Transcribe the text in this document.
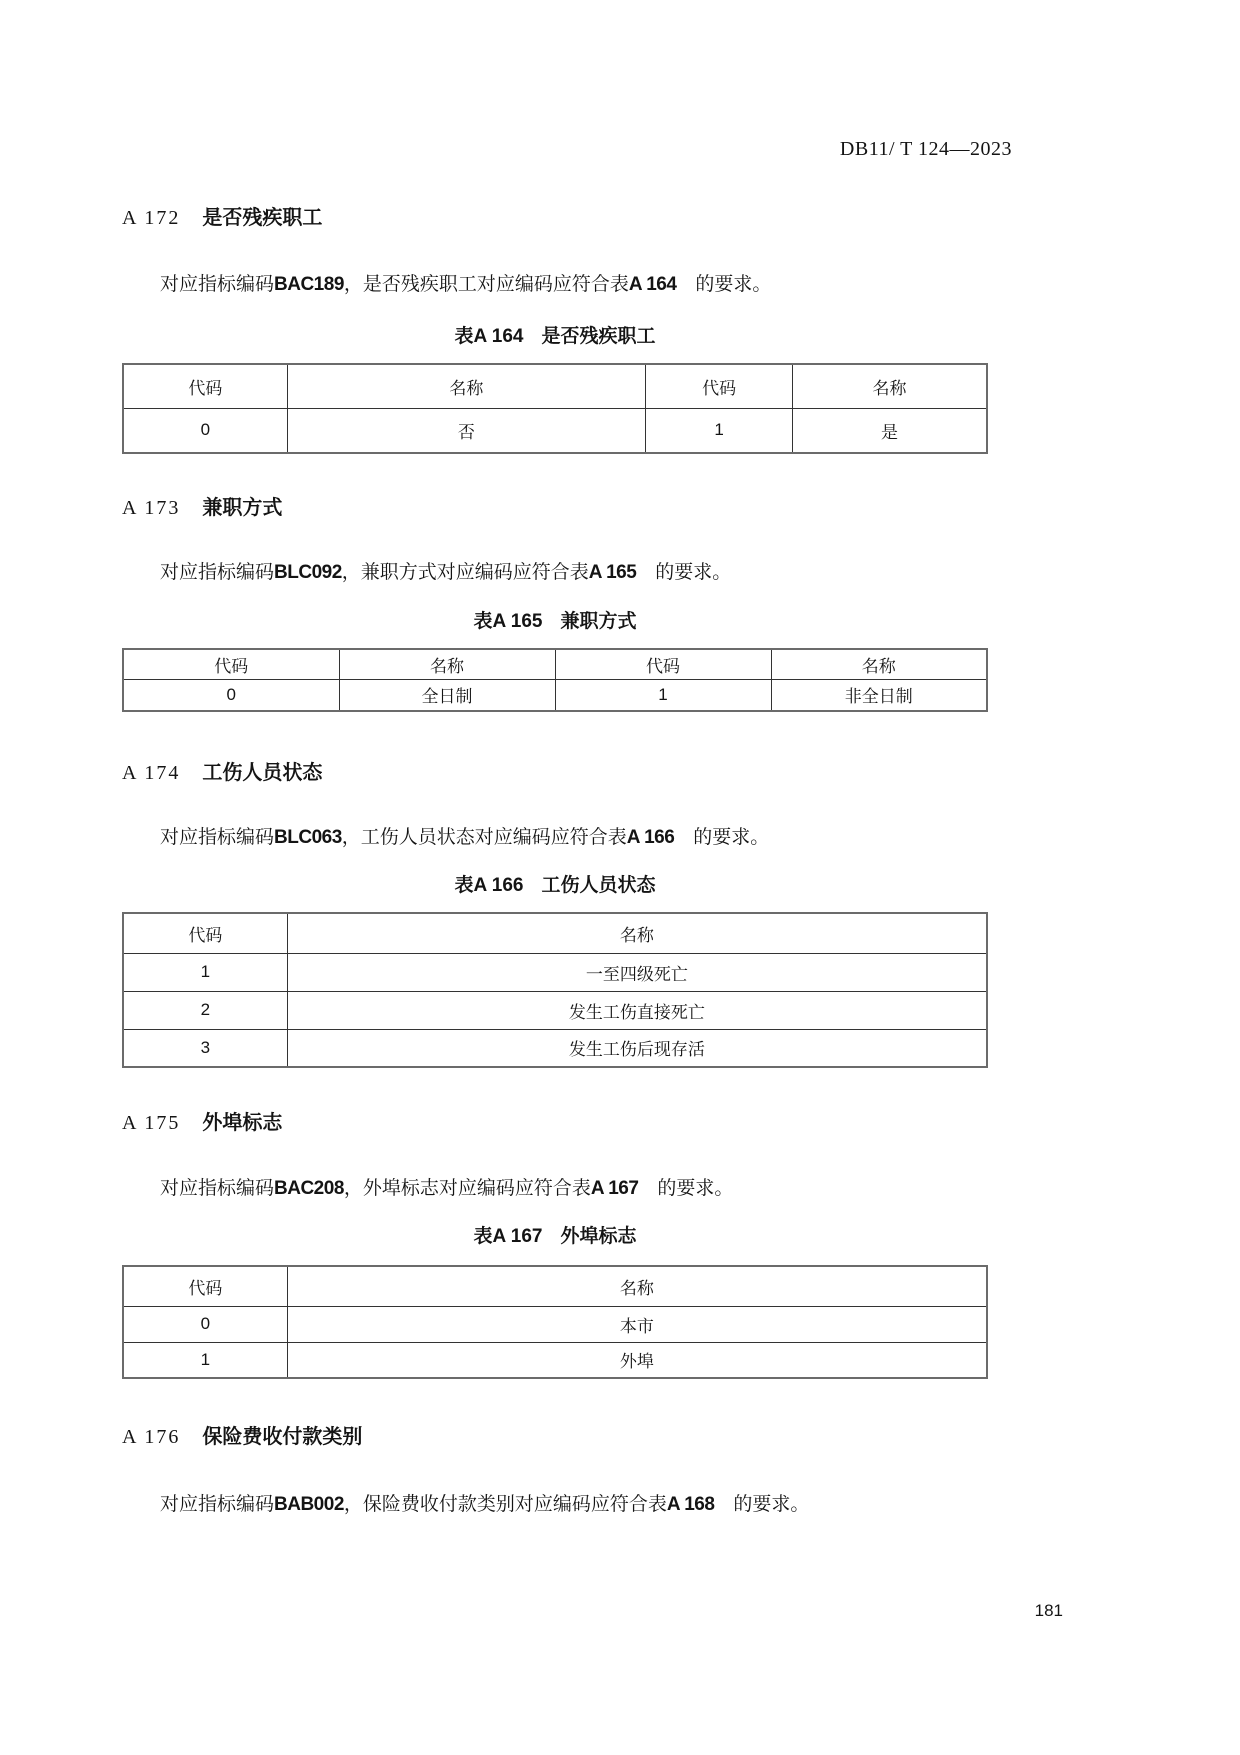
DB11/ T 124—2023
A 172 是否残疾职工
对应指标编码BAC189，是否残疾职工对应编码应符合表A 164　的要求。
表A 164 是否残疾职工
代码	名称	代码	名称
0	否	1	是
A 173 兼职方式
对应指标编码BLC092，兼职方式对应编码应符合表A 165　的要求。
表A 165 兼职方式
代码	名称	代码	名称
0	全日制	1	非全日制
A 174 工伤人员状态
对应指标编码BLC063，工伤人员状态对应编码应符合表A 166　的要求。
表A 166 工伤人员状态
代码	名称
1	一至四级死亡
2	发生工伤直接死亡
3	发生工伤后现存活
A 175 外埠标志
对应指标编码BAC208，外埠标志对应编码应符合表A 167　的要求。
表A 167 外埠标志
代码	名称
0	本市
1	外埠
A 176 保险费收付款类别
对应指标编码BAB002，保险费收付款类别对应编码应符合表A 168　的要求。
181
